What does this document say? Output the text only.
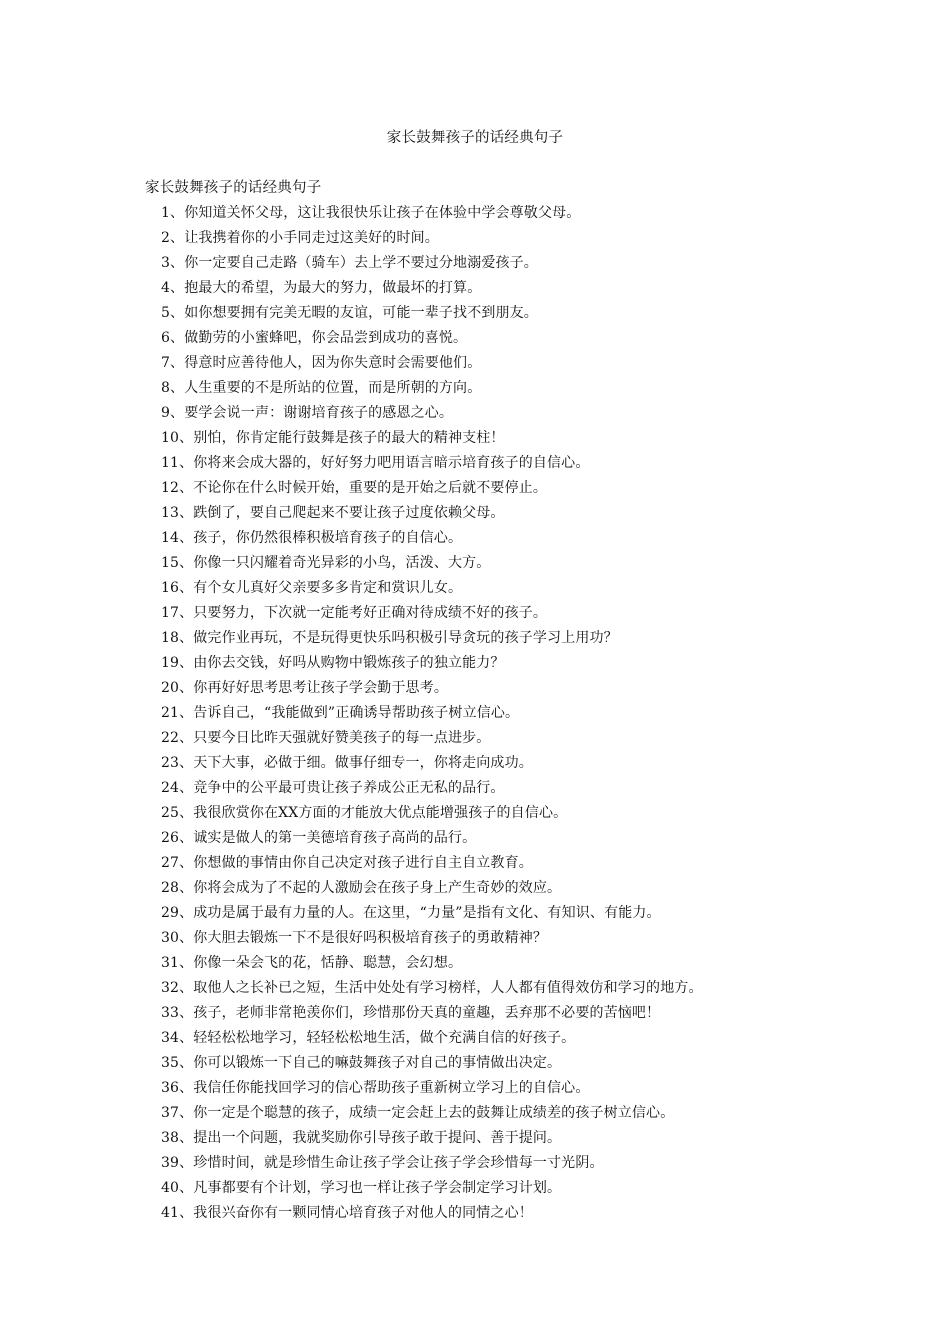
家长鼓舞孩子的话经典句子
家长鼓舞孩子的话经典句子
1、你知道关怀父母，这让我很快乐让孩子在体验中学会尊敬父母。
2、让我携着你的小手同走过这美好的时间。
3、你一定要自己走路（骑车）去上学不要过分地溺爱孩子。
4、抱最大的希望，为最大的努力，做最坏的打算。
5、如你想要拥有完美无暇的友谊，可能一辈子找不到朋友。
6、做勤劳的小蜜蜂吧，你会品尝到成功的喜悦。
7、得意时应善待他人，因为你失意时会需要他们。
8、人生重要的不是所站的位置，而是所朝的方向。
9、要学会说一声：谢谢培育孩子的感恩之心。
10、别怕，你肯定能行鼓舞是孩子的最大的精神支柱！
11、你将来会成大器的，好好努力吧用语言暗示培育孩子的自信心。
12、不论你在什么时候开始，重要的是开始之后就不要停止。
13、跌倒了，要自己爬起来不要让孩子过度依赖父母。
14、孩子，你仍然很棒积极培育孩子的自信心。
15、你像一只闪耀着奇光异彩的小鸟，活泼、大方。
16、有个女儿真好父亲要多多肯定和赏识儿女。
17、只要努力，下次就一定能考好正确对待成绩不好的孩子。
18、做完作业再玩，不是玩得更快乐吗积极引导贪玩的孩子学习上用功？
19、由你去交钱，好吗从购物中锻炼孩子的独立能力？
20、你再好好思考思考让孩子学会勤于思考。
21、告诉自己，“我能做到”正确诱导帮助孩子树立信心。
22、只要今日比昨天强就好赞美孩子的每一点进步。
23、天下大事，必做于细。做事仔细专一，你将走向成功。
24、竞争中的公平最可贵让孩子养成公正无私的品行。
25、我很欣赏你在XX方面的才能放大优点能增强孩子的自信心。
26、诚实是做人的第一美德培育孩子高尚的品行。
27、你想做的事情由你自己决定对孩子进行自主自立教育。
28、你将会成为了不起的人激励会在孩子身上产生奇妙的效应。
29、成功是属于最有力量的人。在这里，“力量”是指有文化、有知识、有能力。
30、你大胆去锻炼一下不是很好吗积极培育孩子的勇敢精神？
31、你像一朵会飞的花，恬静、聪慧，会幻想。
32、取他人之长补已之短，生活中处处有学习榜样，人人都有值得效仿和学习的地方。
33、孩子，老师非常艳羡你们，珍惜那份天真的童趣，丢弃那不必要的苦恼吧！
34、轻轻松松地学习，轻轻松松地生活，做个充满自信的好孩子。
35、你可以锻炼一下自己的嘛鼓舞孩子对自己的事情做出决定。
36、我信任你能找回学习的信心帮助孩子重新树立学习上的自信心。
37、你一定是个聪慧的孩子，成绩一定会赶上去的鼓舞让成绩差的孩子树立信心。
38、提出一个问题，我就奖励你引导孩子敢于提问、善于提问。
39、珍惜时间，就是珍惜生命让孩子学会让孩子学会珍惜每一寸光阴。
40、凡事都要有个计划，学习也一样让孩子学会制定学习计划。
41、我很兴奋你有一颗同情心培育孩子对他人的同情之心！
